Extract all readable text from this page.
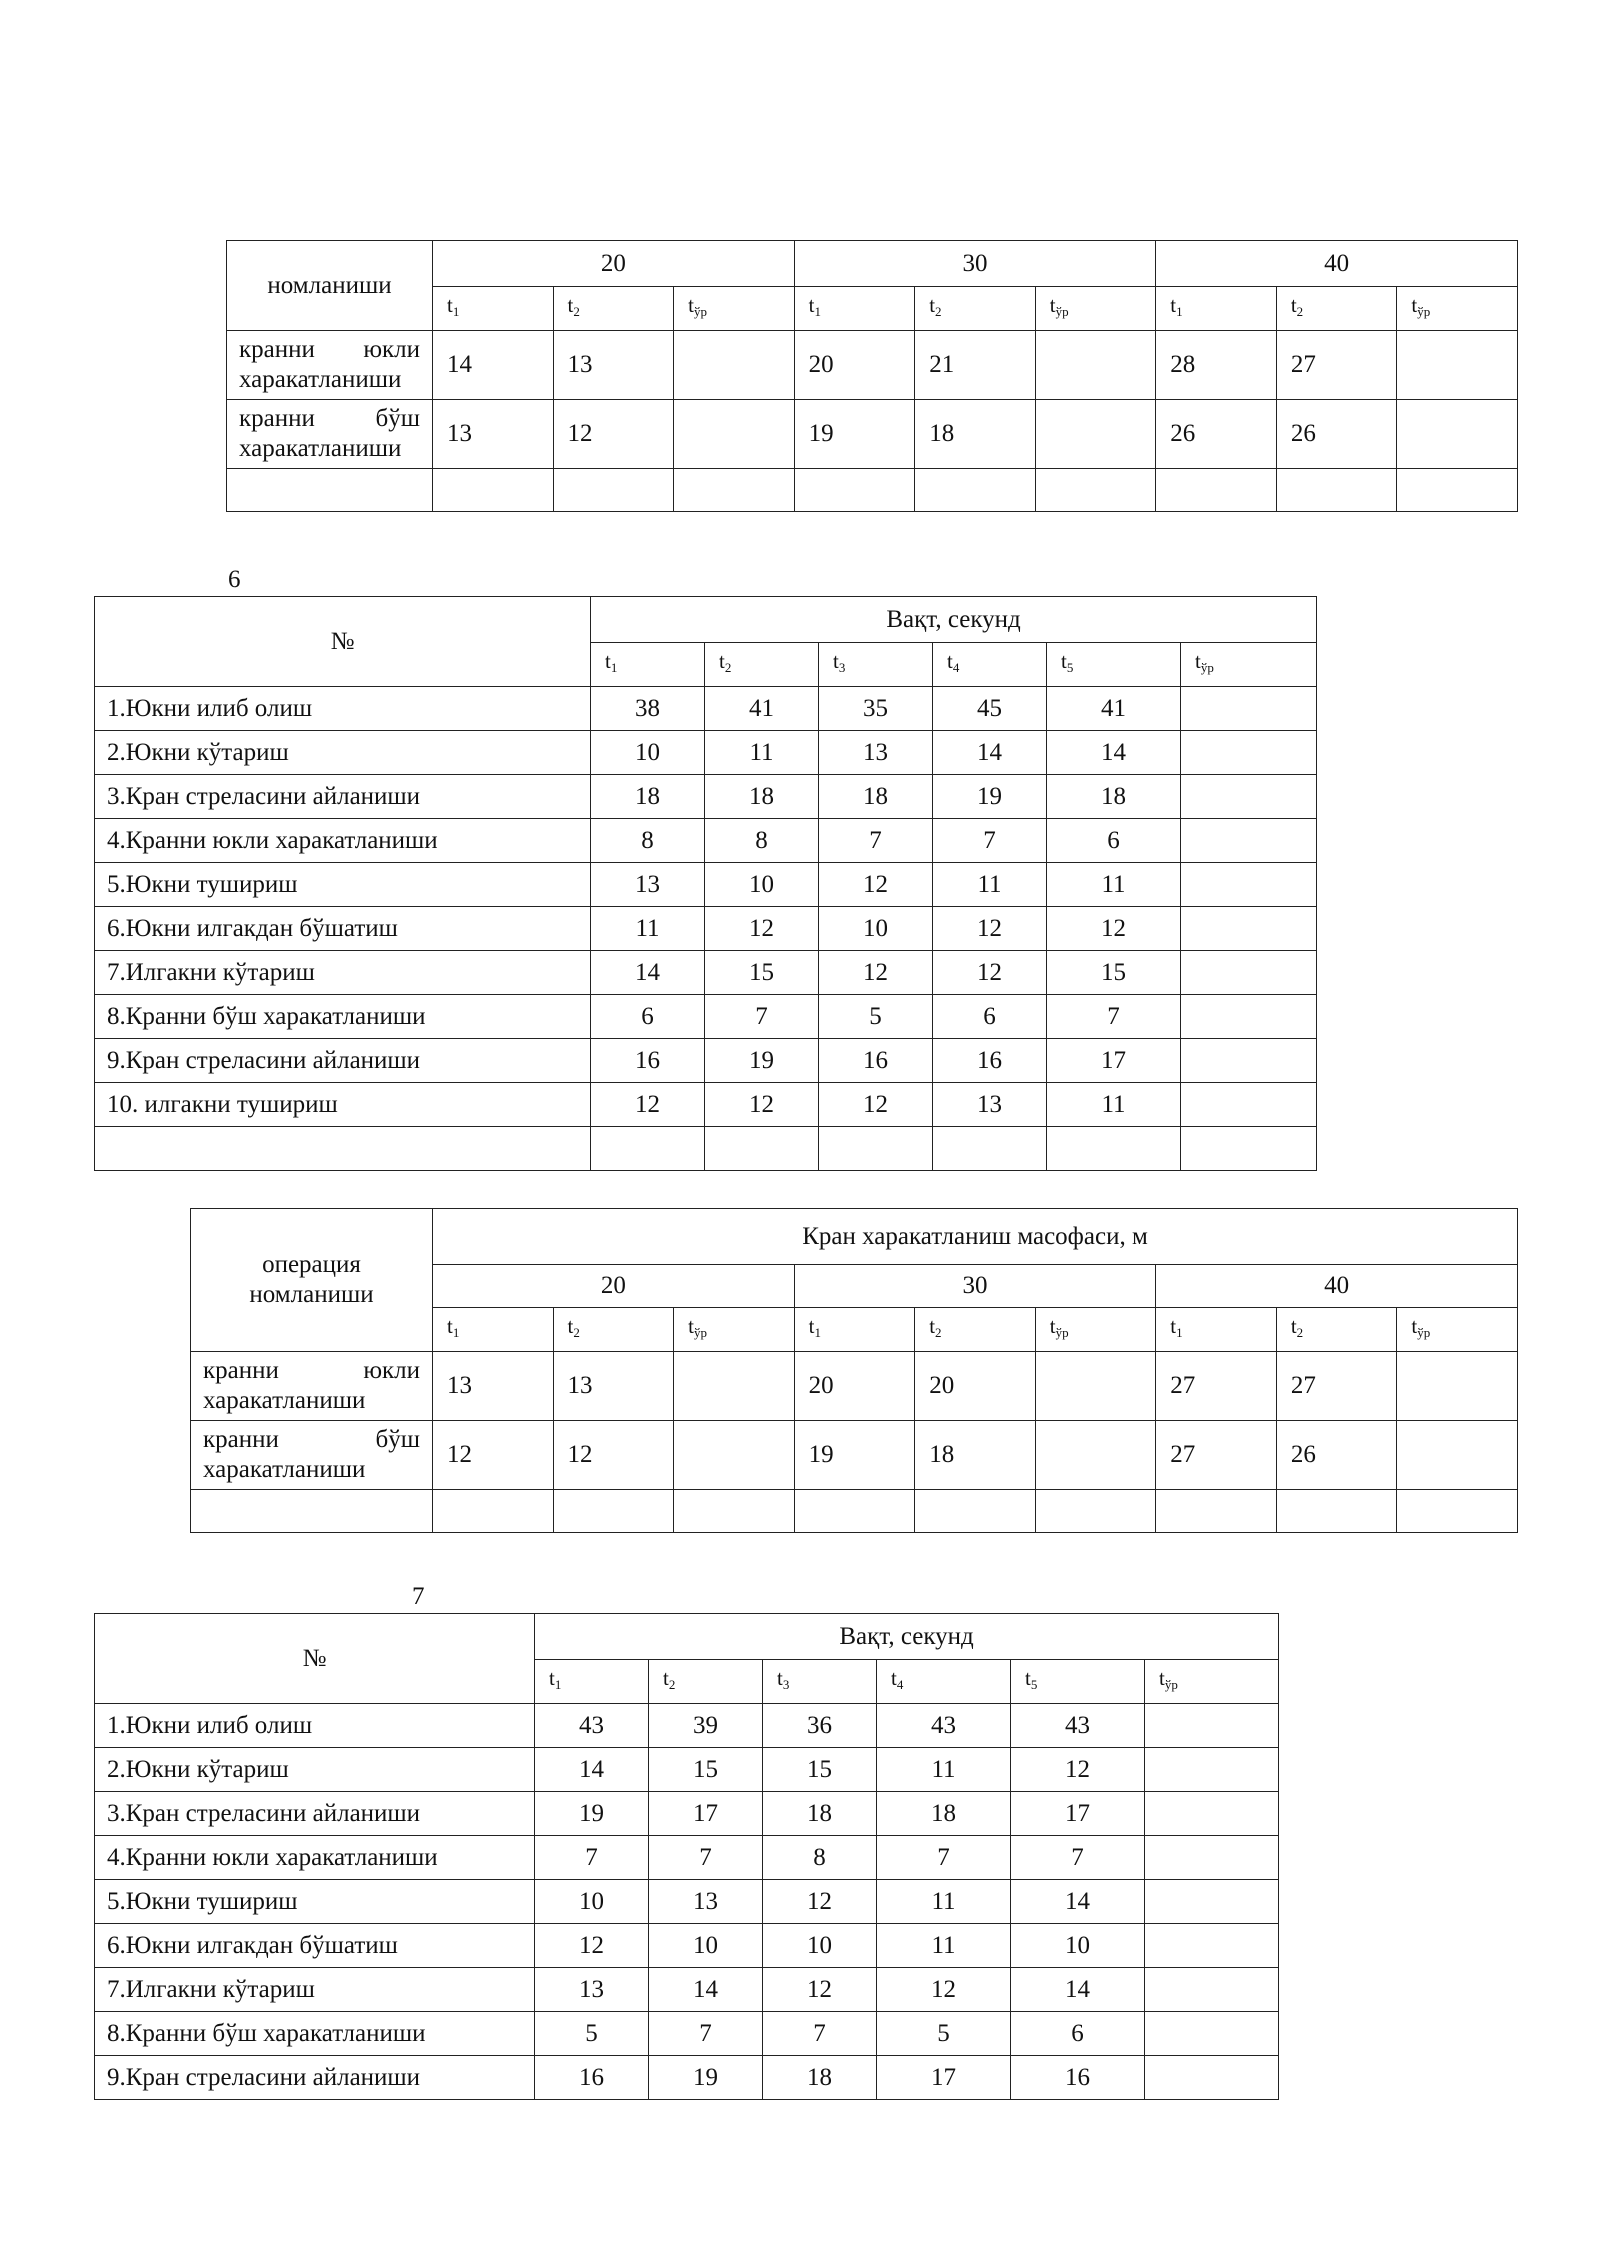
номланиши	20			30			40		
	$t_1$	$t_2$	$t_{ўр}$	$t_1$	$t_2$	$t_{ўр}$	$t_1$	$t_2$	$t_{ўр}$
кранни юкли
харакатланиши	14	13		20	21		28	27	
кранни бўш
харакатланиши	13	12		19	18		26	26	

6
№	Вақт, секунд					
	$t_1$	$t_2$	$t_3$	$t_4$	$t_5$	$t_{ўр}$
1.Юкни илиб олиш	38	41	35	45	41	
2.Юкни кўтариш	10	11	13	14	14	
3.Кран стреласини айланиши	18	18	18	19	18	
4.Кранни юкли харакатланиши	8	8	7	7	6	
5.Юкни тушириш	13	10	12	11	11	
6.Юкни илгакдан бўшатиш	11	12	10	12	12	
7.Илгакни кўтариш	14	15	12	12	15	
8.Кранни бўш харакатланиши	6	7	5	6	7	
9.Кран стреласини айланиши	16	19	16	16	17	
10. илгакни тушириш	12	12	12	13	11	

операция
номланиши	Кран харакатланиш масофаси, м								
	20			30			40		
	$t_1$	$t_2$	$t_{ўр}$	$t_1$	$t_2$	$t_{ўр}$	$t_1$	$t_2$	$t_{ўр}$
кранни юкли
харакатланиши	13	13		20	20		27	27	
кранни бўш
харакатланиши	12	12		19	18		27	26	

7
№	Вақт, секунд					
	$t_1$	$t_2$	$t_3$	$t_4$	$t_5$	$t_{ўр}$
1.Юкни илиб олиш	43	39	36	43	43	
2.Юкни кўтариш	14	15	15	11	12	
3.Кран стреласини айланиши	19	17	18	18	17	
4.Кранни юкли харакатланиши	7	7	8	7	7	
5.Юкни тушириш	10	13	12	11	14	
6.Юкни илгакдан бўшатиш	12	10	10	11	10	
7.Илгакни кўтариш	13	14	12	12	14	
8.Кранни бўш харакатланиши	5	7	7	5	6	
9.Кран стреласини айланиши	16	19	18	17	16	
